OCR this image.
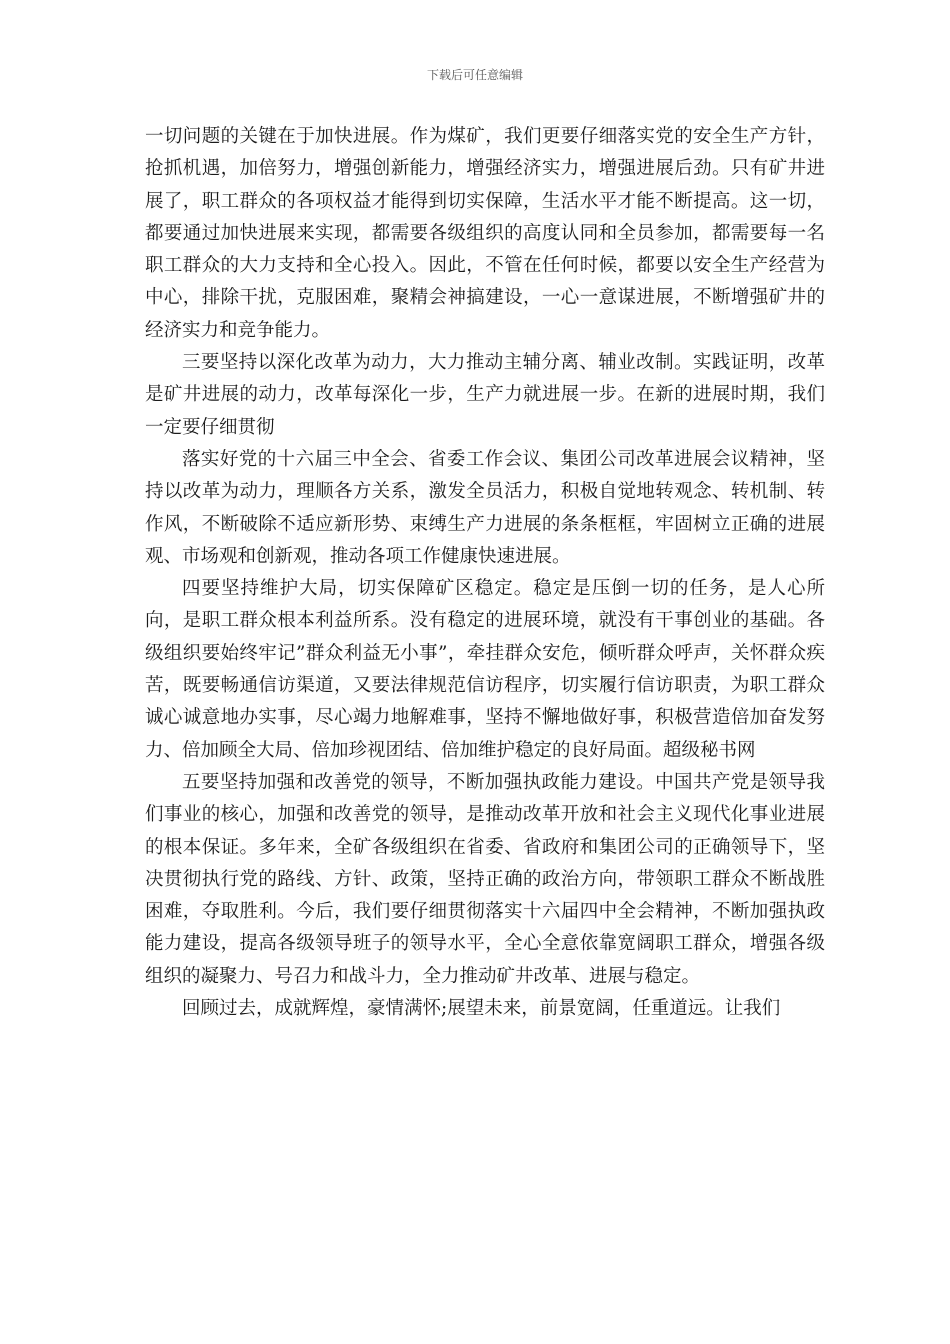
下载后可任意编辑

一切问题的关键在于加快进展。作为煤矿，我们更要仔细落实党的安全生产方针，抢抓机遇，加倍努力，增强创新能力，增强经济实力，增强进展后劲。只有矿井进展了，职工群众的各项权益才能得到切实保障，生活水平才能不断提高。这一切，都要通过加快进展来实现，都需要各级组织的高度认同和全员参加，都需要每一名职工群众的大力支持和全心投入。因此，不管在任何时候，都要以安全生产经营为中心，排除干扰，克服困难，聚精会神搞建设，一心一意谋进展，不断增强矿井的经济实力和竞争能力。

三要坚持以深化改革为动力，大力推动主辅分离、辅业改制。实践证明，改革是矿井进展的动力，改革每深化一步，生产力就进展一步。在新的进展时期，我们一定要仔细贯彻

落实好党的十六届三中全会、省委工作会议、集团公司改革进展会议精神，坚持以改革为动力，理顺各方关系，激发全员活力，积极自觉地转观念、转机制、转作风，不断破除不适应新形势、束缚生产力进展的条条框框，牢固树立正确的进展观、市场观和创新观，推动各项工作健康快速进展。

四要坚持维护大局，切实保障矿区稳定。稳定是压倒一切的任务，是人心所向，是职工群众根本利益所系。没有稳定的进展环境，就没有干事创业的基础。各级组织要始终牢记”群众利益无小事”，牵挂群众安危，倾听群众呼声，关怀群众疾苦，既要畅通信访渠道，又要法律规范信访程序，切实履行信访职责，为职工群众诚心诚意地办实事，尽心竭力地解难事，坚持不懈地做好事，积极营造倍加奋发努力、倍加顾全大局、倍加珍视团结、倍加维护稳定的良好局面。超级秘书网

五要坚持加强和改善党的领导，不断加强执政能力建设。中国共产党是领导我们事业的核心，加强和改善党的领导，是推动改革开放和社会主义现代化事业进展的根本保证。多年来，全矿各级组织在省委、省政府和集团公司的正确领导下，坚决贯彻执行党的路线、方针、政策，坚持正确的政治方向，带领职工群众不断战胜困难，夺取胜利。今后，我们要仔细贯彻落实十六届四中全会精神，不断加强执政能力建设，提高各级领导班子的领导水平，全心全意依靠宽阔职工群众，增强各级组织的凝聚力、号召力和战斗力，全力推动矿井改革、进展与稳定。

回顾过去，成就辉煌，豪情满怀;展望未来，前景宽阔，任重道远。让我们
